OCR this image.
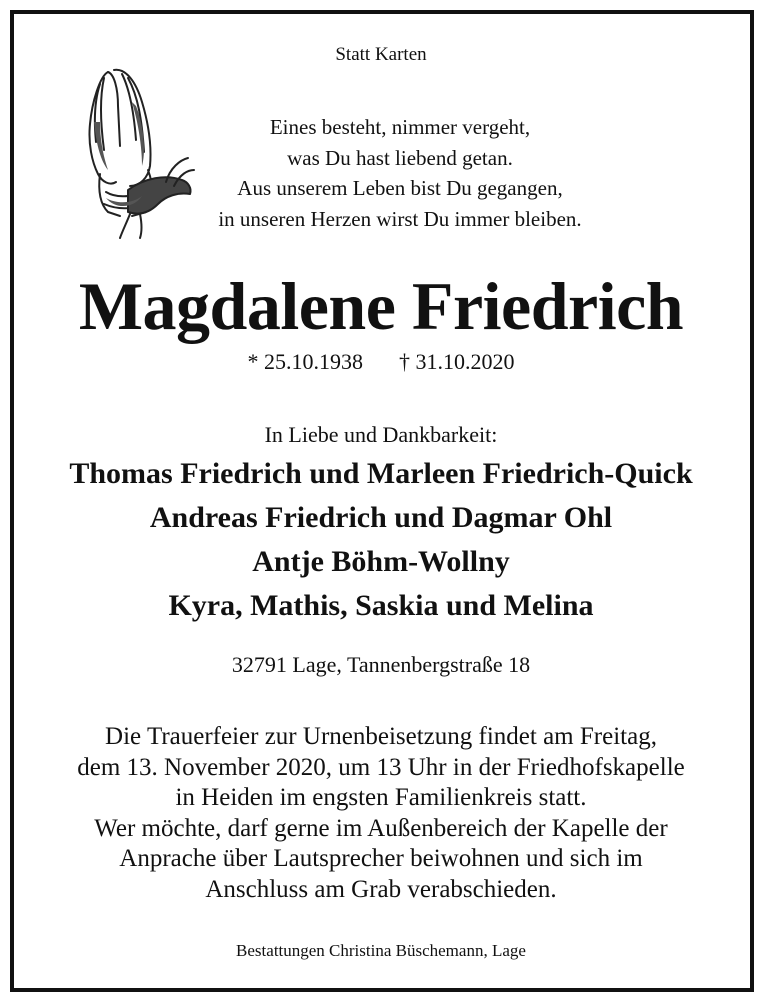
Statt Karten
Eines besteht, nimmer vergeht,
was Du hast liebend getan.
Aus unserem Leben bist Du gegangen,
in unseren Herzen wirst Du immer bleiben.
Magdalene Friedrich
* 25.10.1938 † 31.10.2020
In Liebe und Dankbarkeit:
Thomas Friedrich und Marleen Friedrich-Quick
Andreas Friedrich und Dagmar Ohl
Antje Böhm-Wollny
Kyra, Mathis, Saskia und Melina
32791 Lage, Tannenbergstraße 18
Die Trauerfeier zur Urnenbeisetzung findet am Freitag,
dem 13. November 2020, um 13 Uhr in der Friedhofskapelle
in Heiden im engsten Familienkreis statt.
Wer möchte, darf gerne im Außenbereich der Kapelle der
Anprache über Lautsprecher beiwohnen und sich im
Anschluss am Grab verabschieden.
Bestattungen Christina Büschemann, Lage
